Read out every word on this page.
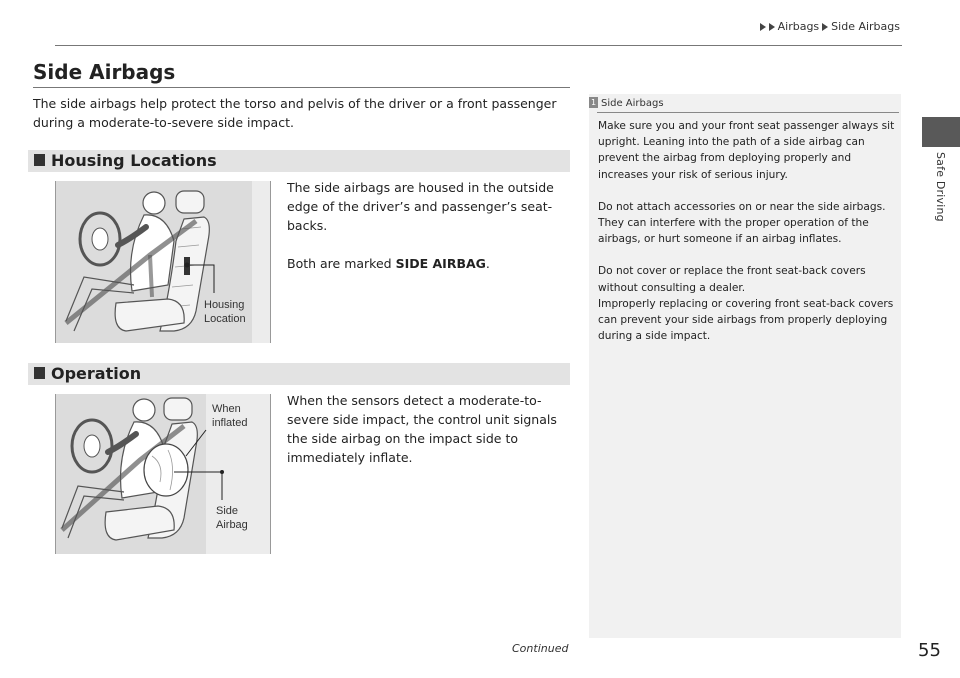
Airbags Side Airbags
Safe Driving
Side Airbags

The side airbags help protect the torso and pelvis of the driver or a front passenger during a moderate-to-severe side impact.

Housing Locations
Housing
Location

The side airbags are housed in the outside edge of the driver’s and passenger’s seat-backs.

Both are marked SIDE AIRBAG.

Operation
When
inflated
Side
Airbag

When the sensors detect a moderate-to-severe side impact, the control unit signals the side airbag on the impact side to immediately inflate.

1 Side Airbags

Make sure you and your front seat passenger always sit upright. Leaning into the path of a side airbag can prevent the airbag from deploying properly and increases your risk of serious injury.

Do not attach accessories on or near the side airbags. They can interfere with the proper operation of the airbags, or hurt someone if an airbag inflates.

Do not cover or replace the front seat-back covers without consulting a dealer.
Improperly replacing or covering front seat-back covers can prevent your side airbags from properly deploying during a side impact.

Continued	55
